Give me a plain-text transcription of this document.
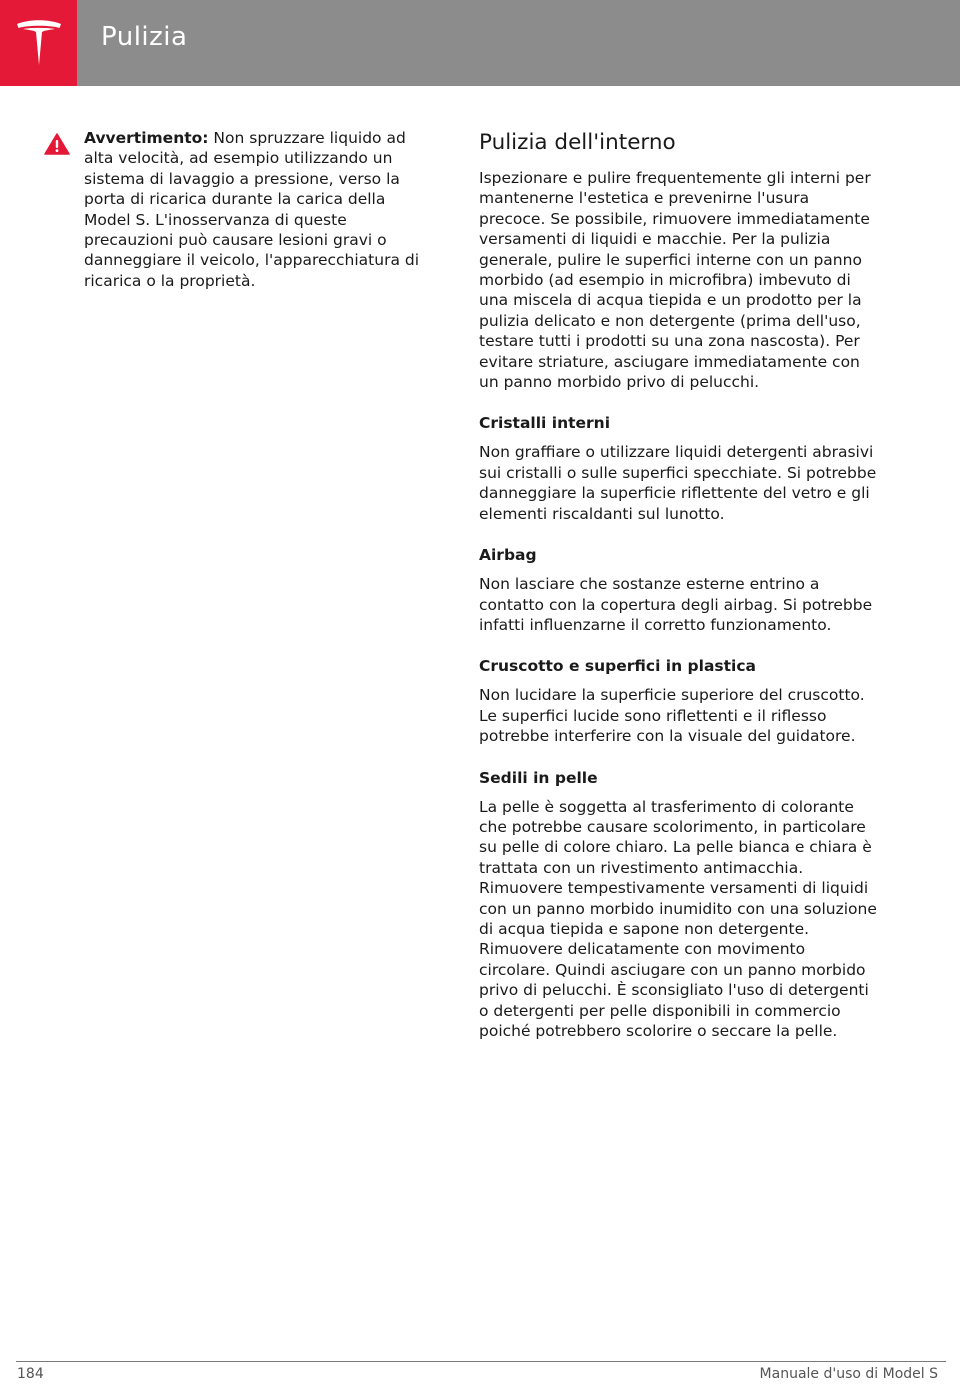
Pulizia
Avvertimento: Non spruzzare liquido ad alta velocità, ad esempio utilizzando un sistema di lavaggio a pressione, verso la porta di ricarica durante la carica della Model S. L'inosservanza di queste precauzioni può causare lesioni gravi o danneggiare il veicolo, l'apparecchiatura di ricarica o la proprietà.
Pulizia dell'interno

Ispezionare e pulire frequentemente gli interni per mantenerne l'estetica e prevenirne l'usura precoce. Se possibile, rimuovere immediatamente versamenti di liquidi e macchie. Per la pulizia generale, pulire le superfici interne con un panno morbido (ad esempio in microfibra) imbevuto di una miscela di acqua tiepida e un prodotto per la pulizia delicato e non detergente (prima dell'uso, testare tutti i prodotti su una zona nascosta). Per evitare striature, asciugare immediatamente con un panno morbido privo di pelucchi.

Cristalli interni

Non graffiare o utilizzare liquidi detergenti abrasivi sui cristalli o sulle superfici specchiate. Si potrebbe danneggiare la superficie riflettente del vetro e gli elementi riscaldanti sul lunotto.

Airbag

Non lasciare che sostanze esterne entrino a contatto con la copertura degli airbag. Si potrebbe infatti influenzarne il corretto funzionamento.

Cruscotto e superfici in plastica

Non lucidare la superficie superiore del cruscotto. Le superfici lucide sono riflettenti e il riflesso potrebbe interferire con la visuale del guidatore.

Sedili in pelle

La pelle è soggetta al trasferimento di colorante che potrebbe causare scolorimento, in particolare su pelle di colore chiaro. La pelle bianca e chiara è trattata con un rivestimento antimacchia. Rimuovere tempestivamente versamenti di liquidi con un panno morbido inumidito con una soluzione di acqua tiepida e sapone non detergente. Rimuovere delicatamente con movimento circolare. Quindi asciugare con un panno morbido privo di pelucchi. È sconsigliato l'uso di detergenti o detergenti per pelle disponibili in commercio poiché potrebbero scolorire o seccare la pelle.

184	Manuale d'uso di Model S
